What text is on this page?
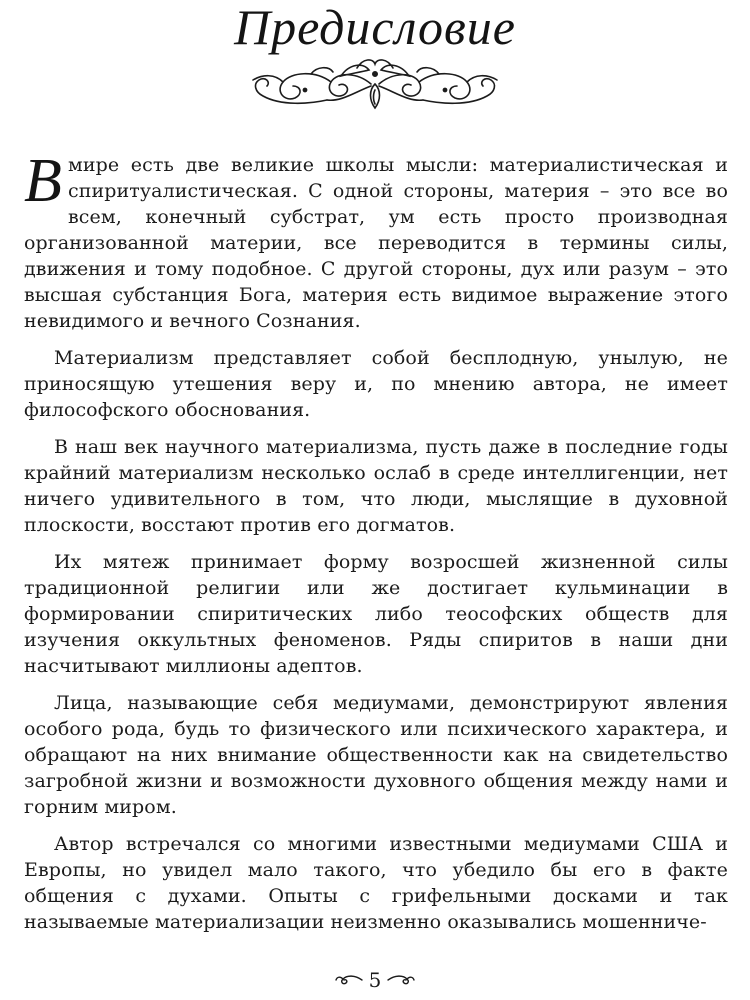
Предисловие

В мире есть две великие школы мысли: материалистическая и спиритуалистическая. С одной стороны, материя – это все во всем, конечный субстрат, ум есть просто производная организованной материи, все переводится в термины силы, движения и тому подобное. С другой стороны, дух или разум – это высшая субстанция Бога, материя есть видимое выражение этого невидимого и вечного Сознания.

Материализм представляет собой бесплодную, унылую, не приносящую утешения веру и, по мнению автора, не имеет философского обоснования.

В наш век научного материализма, пусть даже в последние годы крайний материализм несколько ослаб в среде интеллигенции, нет ничего удивительного в том, что люди, мыслящие в духовной плоскости, восстают против его догматов.

Их мятеж принимает форму возросшей жизненной силы традиционной религии или же достигает кульминации в формировании спиритических либо теософских обществ для изучения оккультных феноменов. Ряды спиритов в наши дни насчитывают миллионы адептов.

Лица, называющие себя медиумами, демонстрируют явления особого рода, будь то физического или психического характера, и обращают на них внимание общественности как на свидетельство загробной жизни и возможности духовного общения между нами и горним миром.

Автор встречался со многими известными медиумами США и Европы, но увидел мало такого, что убедило бы его в факте общения с духами. Опыты с грифельными досками и так называемые материализации неизменно оказывались мошенниче-

5
